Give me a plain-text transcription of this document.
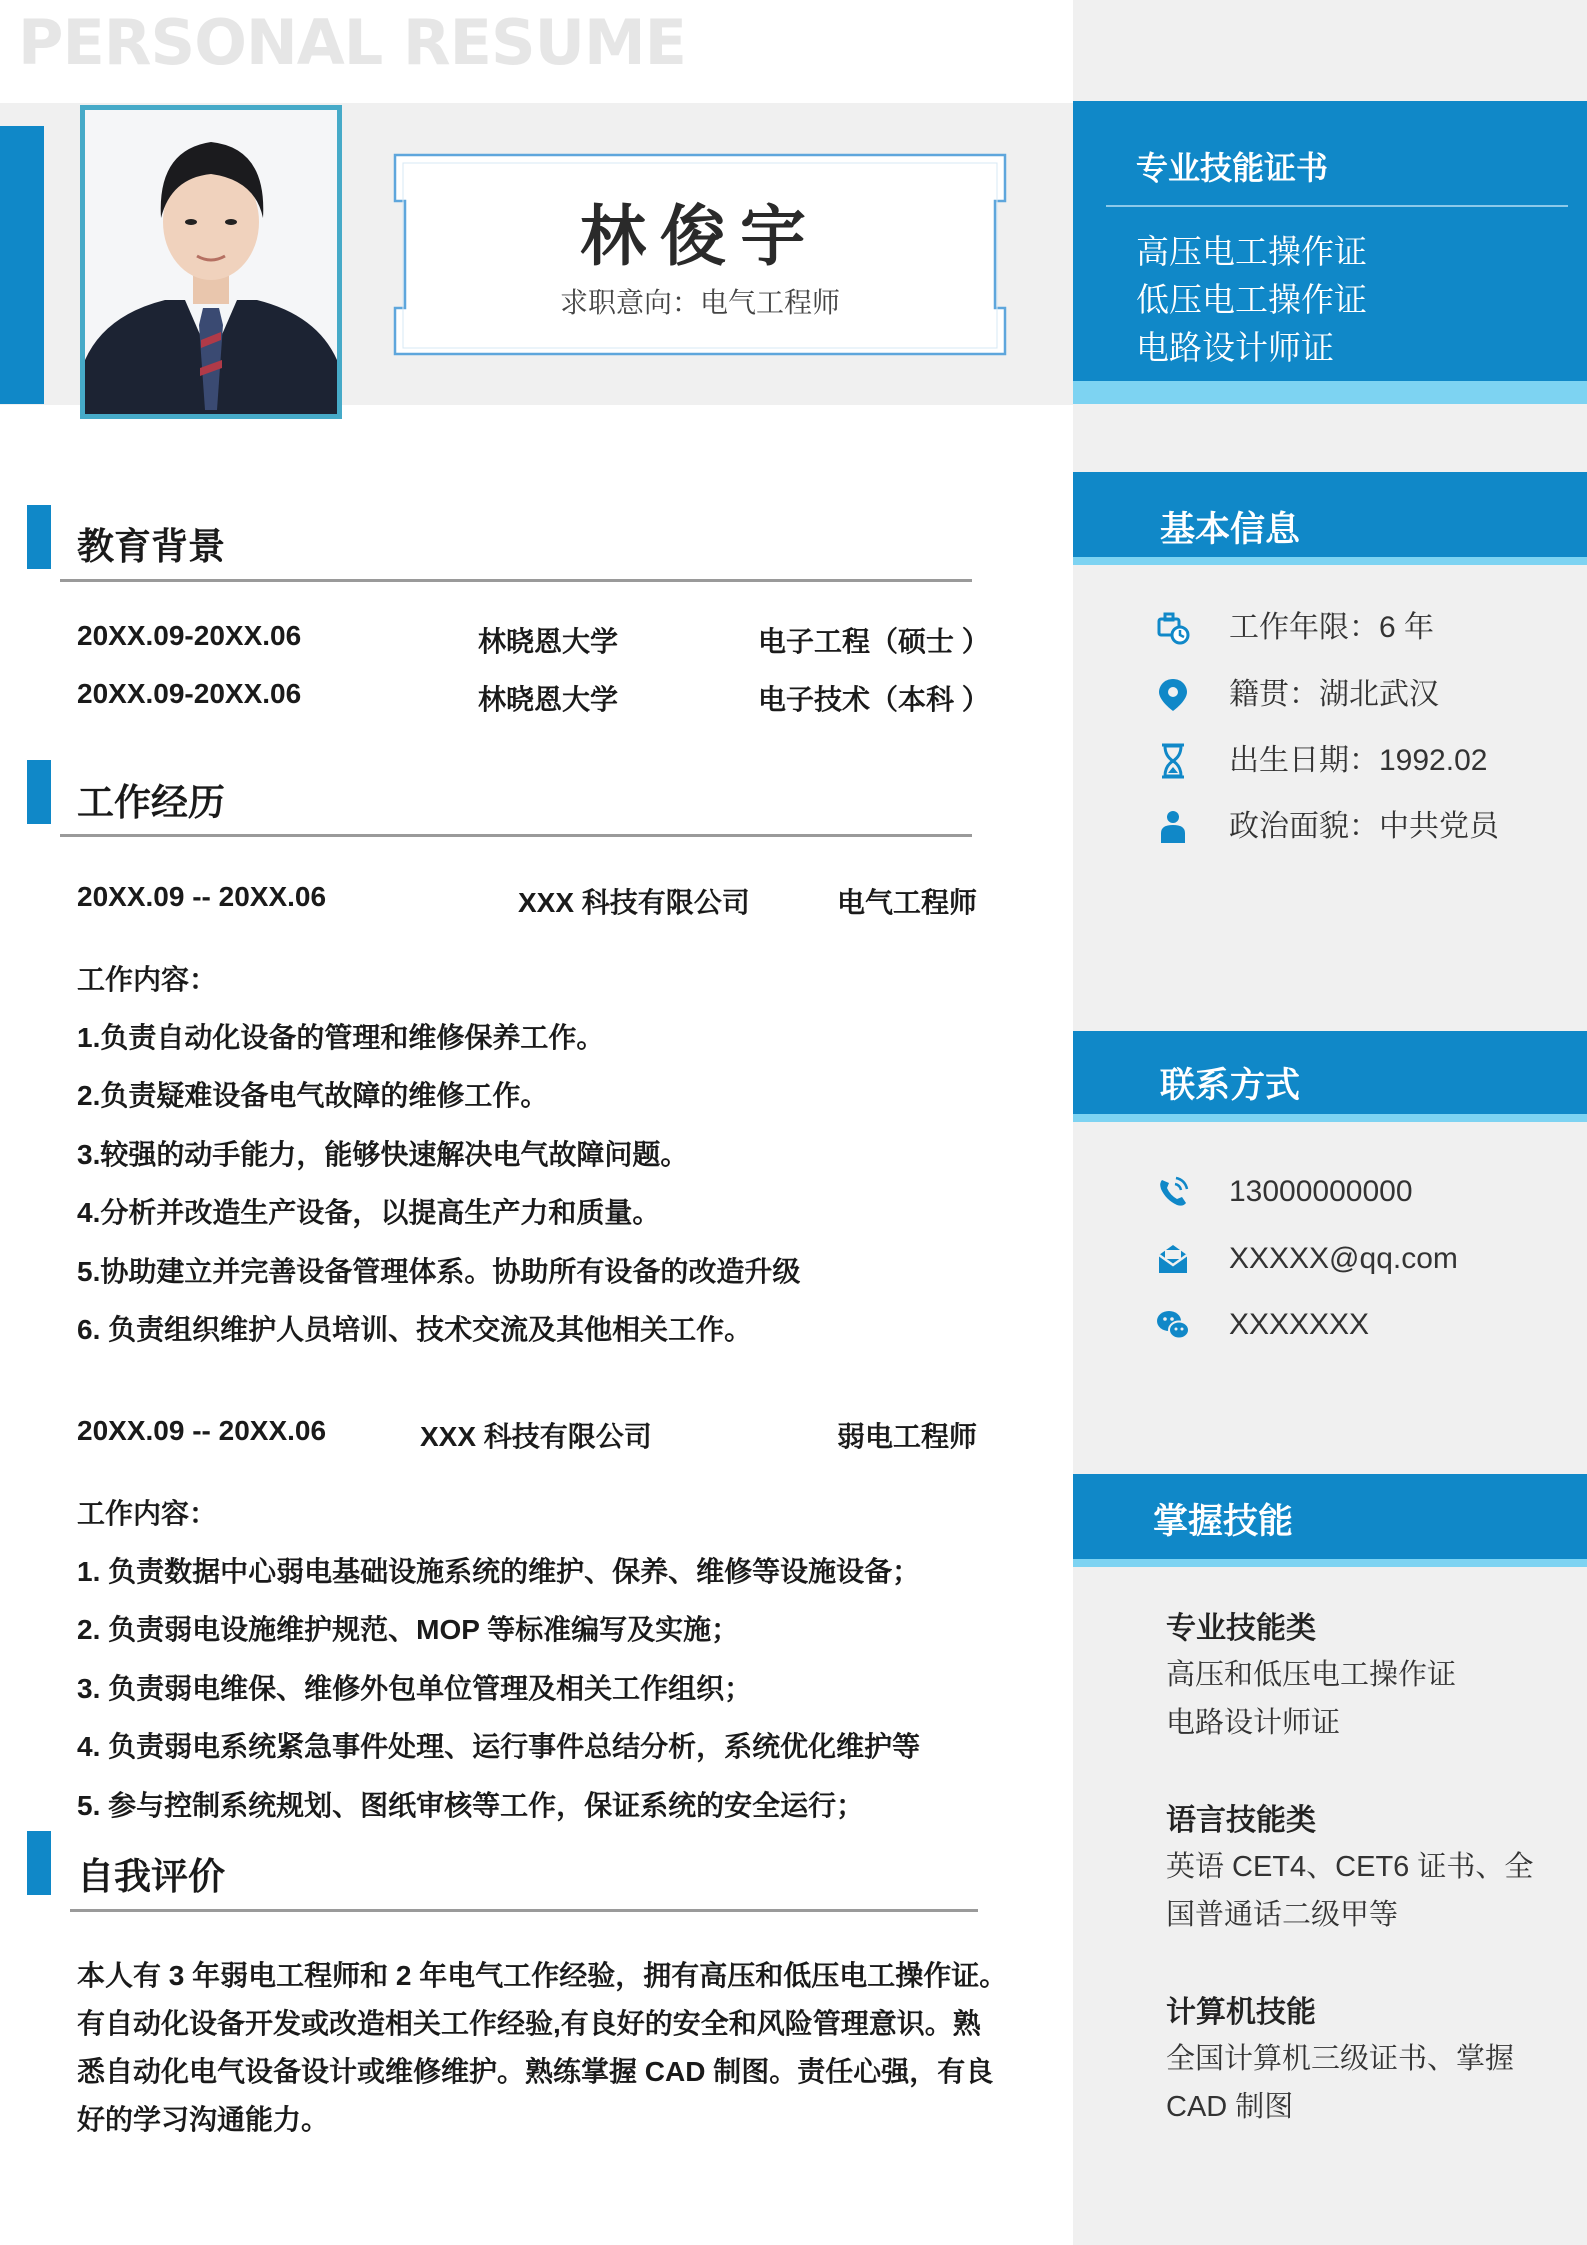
PERSONAL RESUME
林俊宇
求职意向：电气工程师
专业技能证书
高压电工操作证
低压电工操作证
电路设计师证
基本信息
工作年限：6 年
籍贯：湖北武汉
出生日期：1992.02
政治面貌：中共党员
联系方式
13000000000
XXXXX@qq.com
XXXXXXX
掌握技能
专业技能类
高压和低压电工操作证
电路设计师证
语言技能类
英语 CET4、CET6 证书、全
国普通话二级甲等
计算机技能
全国计算机三级证书、掌握
CAD 制图
教育背景
20XX.09-20XX.06	林晓恩大学	电子工程（硕士 ）
20XX.09-20XX.06	林晓恩大学	电子技术（本科 ）
工作经历
20XX.09 -- 20XX.06	XXX 科技有限公司	电气工程师
工作内容：
1.负责自动化设备的管理和维修保养工作。
2.负责疑难设备电气故障的维修工作。
3.较强的动手能力，能够快速解决电气故障问题。
4.分析并改造生产设备，以提高生产力和质量。
5.协助建立并完善设备管理体系。协助所有设备的改造升级
6. 负责组织维护人员培训、技术交流及其他相关工作。
20XX.09 -- 20XX.06	XXX 科技有限公司	弱电工程师
工作内容：
1. 负责数据中心弱电基础设施系统的维护、保养、维修等设施设备；
2. 负责弱电设施维护规范、MOP 等标准编写及实施；
3. 负责弱电维保、维修外包单位管理及相关工作组织；
4. 负责弱电系统紧急事件处理、运行事件总结分析，系统优化维护等
5. 参与控制系统规划、图纸审核等工作，保证系统的安全运行；
自我评价
本人有 3 年弱电工程师和 2 年电气工作经验，拥有高压和低压电工操作证。
有自动化设备开发或改造相关工作经验,有良好的安全和风险管理意识。熟
悉自动化电气设备设计或维修维护。熟练掌握 CAD 制图。责任心强，有良
好的学习沟通能力。
